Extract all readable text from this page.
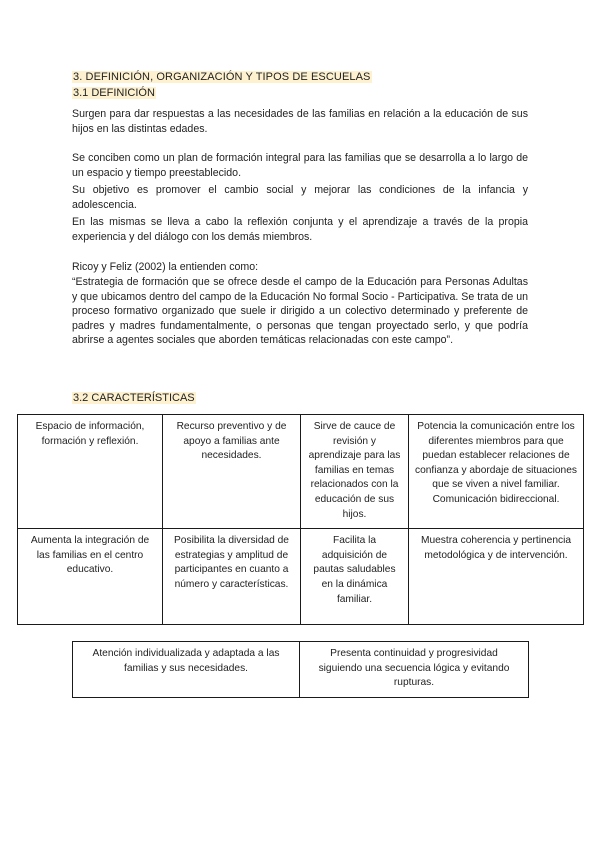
3. DEFINICIÓN, ORGANIZACIÓN Y TIPOS DE ESCUELAS
3.1 DEFINICIÓN

Surgen para dar respuestas a las necesidades de las familias en relación a la educación de sus hijos en las distintas edades.

Se conciben como un plan de formación integral para las familias que se desarrolla a lo largo de un espacio y tiempo preestablecido.

Su objetivo es promover el cambio social y mejorar las condiciones de la infancia y adolescencia.

En las mismas se lleva a cabo la reflexión conjunta y el aprendizaje a través de la propia experiencia y del diálogo con los demás miembros.

Ricoy y Feliz (2002) la entienden como:

“Estrategia de formación que se ofrece desde el campo de la Educación para Personas Adultas y que ubicamos dentro del campo de la Educación No formal Socio - Participativa. Se trata de un proceso formativo organizado que suele ir dirigido a un colectivo determinado y preferente de padres y madres fundamentalmente, o personas que tengan proyectado serlo, y que podría abrirse a agentes sociales que aborden temáticas relacionadas con este campo”.

3.2 CARACTERÍSTICAS
Espacio de información, formación y reflexión.	Recurso preventivo y de apoyo a familias ante necesidades.	Sirve de cauce de revisión y aprendizaje para las familias en temas relacionados con la educación de sus hijos.	Potencia la comunicación entre los diferentes miembros para que puedan establecer relaciones de confianza y abordaje de situaciones que se viven a nivel familiar. Comunicación bidireccional.
Aumenta la integración de las familias en el centro educativo.	Posibilita la diversidad de estrategias y amplitud de participantes en cuanto a número y características.	Facilita la adquisición de pautas saludables en la dinámica familiar.	Muestra coherencia y pertinencia metodológica y de intervención.
Atención individualizada y adaptada a las familias y sus necesidades.	Presenta continuidad y progresividad siguiendo una secuencia lógica y evitando rupturas.
